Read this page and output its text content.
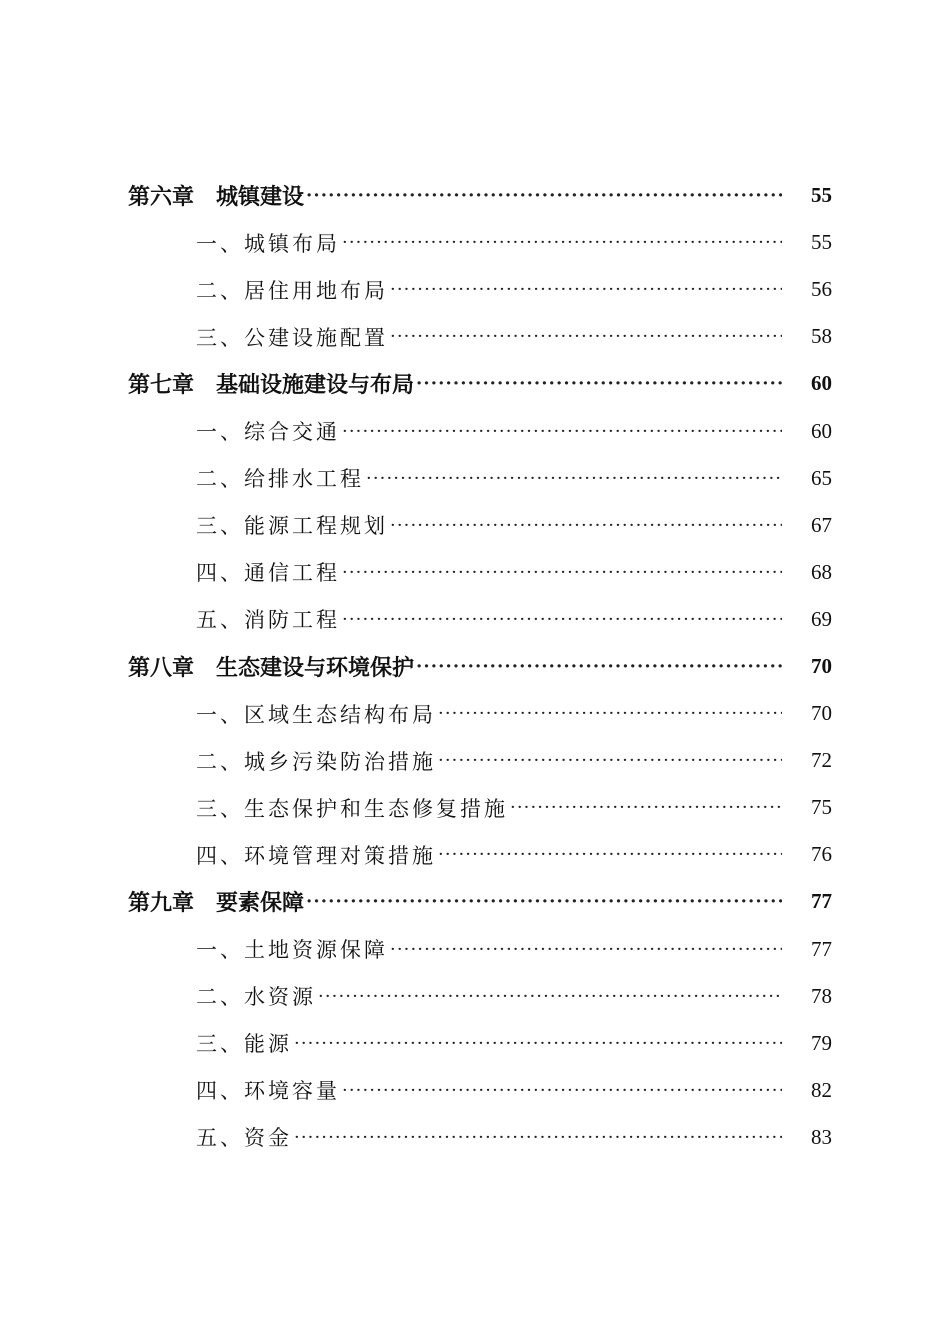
第六章　城镇建设 ·····	55
一、城镇布局 ·····	55
二、居住用地布局 ·····	56
三、公建设施配置 ·····	58
第七章　基础设施建设与布局 ·····	60
一、综合交通 ·····	60
二、给排水工程 ·····	65
三、能源工程规划 ·····	67
四、通信工程 ·····	68
五、消防工程 ·····	69
第八章　生态建设与环境保护 ·····	70
一、区域生态结构布局 ·····	70
二、城乡污染防治措施 ·····	72
三、生态保护和生态修复措施 ·····	75
四、环境管理对策措施 ·····	76
第九章　要素保障 ·····	77
一、土地资源保障 ·····	77
二、水资源 ·····	78
三、能源 ·····	79
四、环境容量 ·····	82
五、资金 ·····	83
